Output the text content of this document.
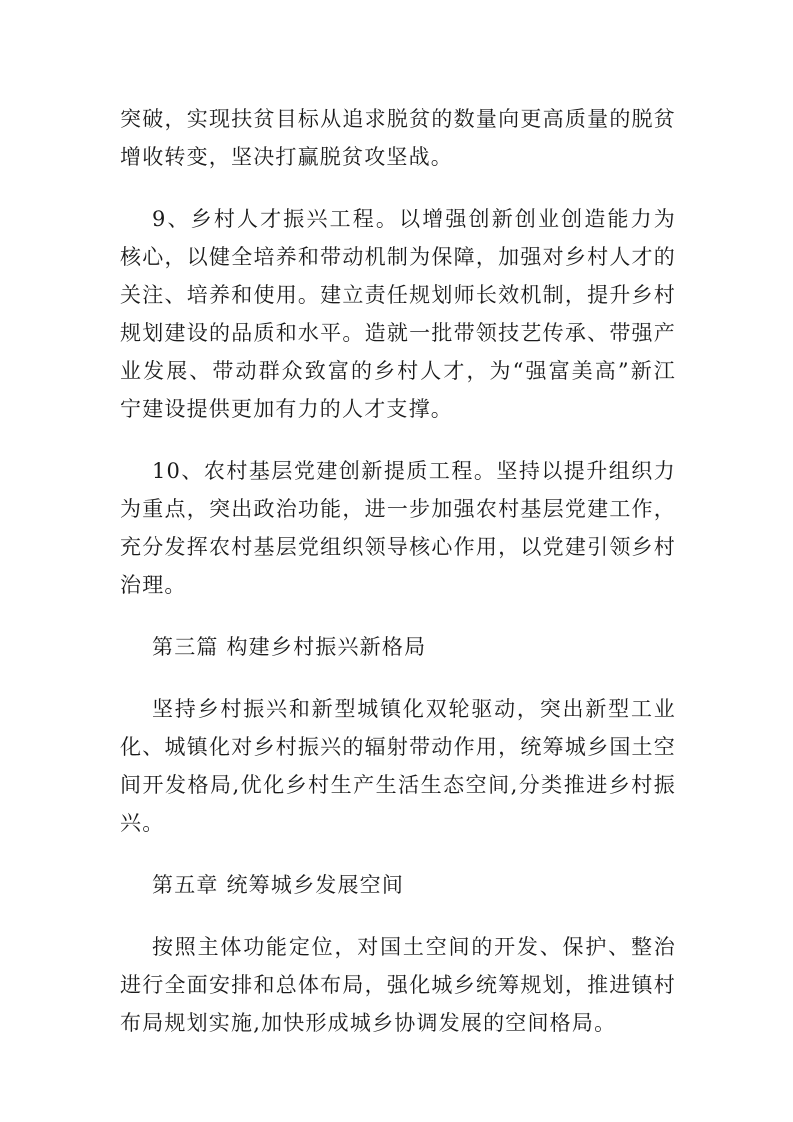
突破，实现扶贫目标从追求脱贫的数量向更高质量的脱贫增收转变，坚决打赢脱贫攻坚战。

9、乡村人才振兴工程。以增强创新创业创造能力为核心，以健全培养和带动机制为保障，加强对乡村人才的关注、培养和使用。建立责任规划师长效机制，提升乡村规划建设的品质和水平。造就一批带领技艺传承、带强产业发展、带动群众致富的乡村人才，为“强富美高”新江宁建设提供更加有力的人才支撑。

10、农村基层党建创新提质工程。坚持以提升组织力为重点，突出政治功能，进一步加强农村基层党建工作，充分发挥农村基层党组织领导核心作用，以党建引领乡村治理。

第三篇 构建乡村振兴新格局

坚持乡村振兴和新型城镇化双轮驱动，突出新型工业化、城镇化对乡村振兴的辐射带动作用，统筹城乡国土空间开发格局,优化乡村生产生活生态空间,分类推进乡村振兴。

第五章 统筹城乡发展空间

按照主体功能定位，对国土空间的开发、保护、整治进行全面安排和总体布局，强化城乡统筹规划，推进镇村布局规划实施,加快形成城乡协调发展的空间格局。
